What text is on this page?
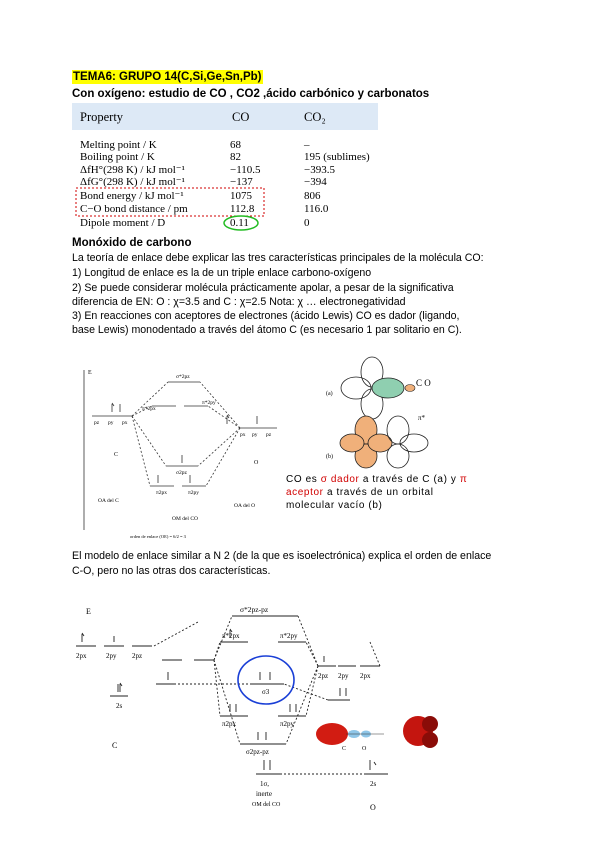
TEMA6: GRUPO 14(C,Si,Ge,Sn,Pb)
Con oxígeno: estudio de CO , CO2 ,ácido carbónico y carbonatos
Property	CO	CO₂
Melting point / K	68	–
Boiling point / K	82	195 (sublimes)
ΔfH°(298 K) / kJ mol⁻¹	−110.5	−393.5
ΔfG°(298 K) / kJ mol⁻¹	−137	−394
Bond energy / kJ mol⁻¹	1075	806
C−O bond distance / pm	112.8	116.0
Dipole moment / D	0.11	0
Monóxido de carbono
La teoría de enlace debe explicar las tres características principales de la molécula CO:
1) Longitud de enlace es la de un triple enlace carbono-oxígeno
2) Se puede considerar molécula prácticamente apolar, a pesar de la significativa
diferencia de EN: O : χ=3.5 and C : χ=2.5 Nota: χ … electronegatividad
3) En reacciones con aceptores de electrones (ácido Lewis) CO es dador (ligando,
base Lewis) monodentado a través del átomo C (es necesario 1 par solitario en C).
E
σ*2pz
π*2px
π*2py
pz py px
px py pz
σ2pz
π2px	π2py
C
O
OA del C
OM del CO
OA del O
orden de enlace (OE) = 6/2 = 3
C O
(a)
π*
(b)
CO es σ dador a través de C (a) y π aceptor a través de un orbital molecular vacío (b)
El modelo de enlace similar a N 2 (de la que es isoelectrónica) explica el orden de enlace
C-O, pero no las otras dos características.
E	σ*2pz-pz
π*2px	π*2py
2px	2py 2pz
2pz 2py 2px
2s
2s
σ3
π2px	π2py
σ2pz-pz
C
O
1σ,
inerte
OM del CO
C	O
